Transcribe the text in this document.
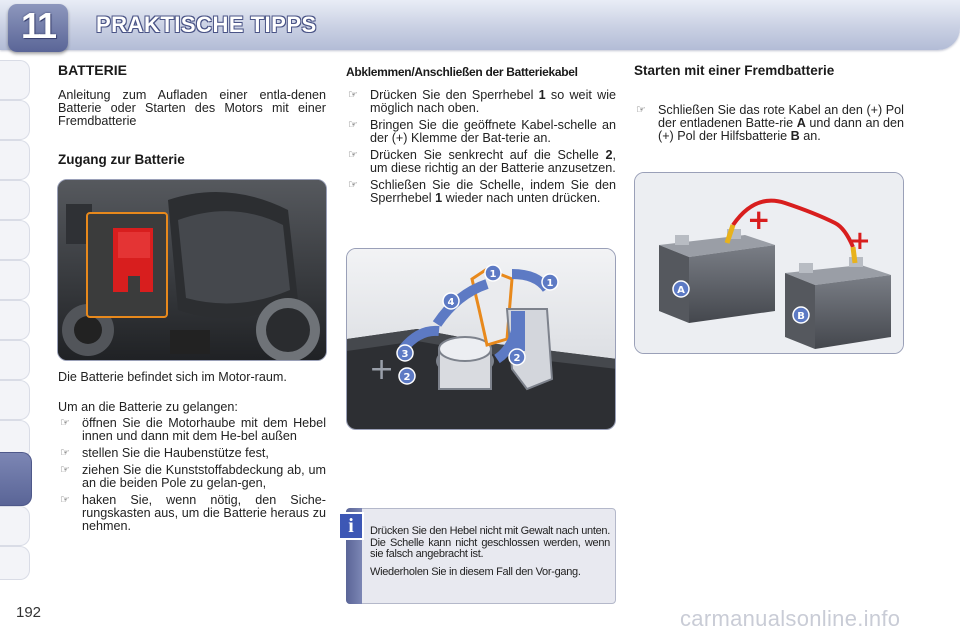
11	PRAKTISCHE TIPPS
BATTERIE

Anleitung zum Aufladen einer entla-denen Batterie oder Starten des Motors mit einer Fremdbatterie

Zugang zur Batterie

Die Batterie befindet sich im Motor-raum.

Um an die Batterie zu gelangen:

☞ öffnen Sie die Motorhaube mit dem Hebel innen und dann mit dem He-bel außen
☞ stellen Sie die Haubenstütze fest,
☞ ziehen Sie die Kunststoffabdeckung ab, um an die beiden Pole zu gelan-gen,
☞ haken Sie, wenn nötig, den Siche-rungskasten aus, um die Batterie heraus zu nehmen.
Abklemmen/Anschließen der Batteriekabel
☞ Drücken Sie den Sperrhebel 1 so weit wie möglich nach oben.
☞ Bringen Sie die geöffnete Kabel-schelle an der (+) Klemme der Bat-terie an.
☞ Drücken Sie senkrecht auf die Schelle 2, um diese richtig an der Batterie anzusetzen.
☞ Schließen Sie die Schelle, indem Sie den Sperrhebel 1 wieder nach unten drücken.
+
1
1
2
2
3
4
i	Drücken Sie den Hebel nicht mit Gewalt nach unten. Die Schelle kann nicht geschlossen werden, wenn sie falsch angebracht ist.

Wiederholen Sie in diesem Fall den Vor-gang.

Starten mit einer Fremdbatterie
☞ Schließen Sie das rote Kabel an den (+) Pol der entladenen Batte-rie A und dann an den (+) Pol der Hilfsbatterie B an.
A
B
+
+
192	carmanualsonline.info
